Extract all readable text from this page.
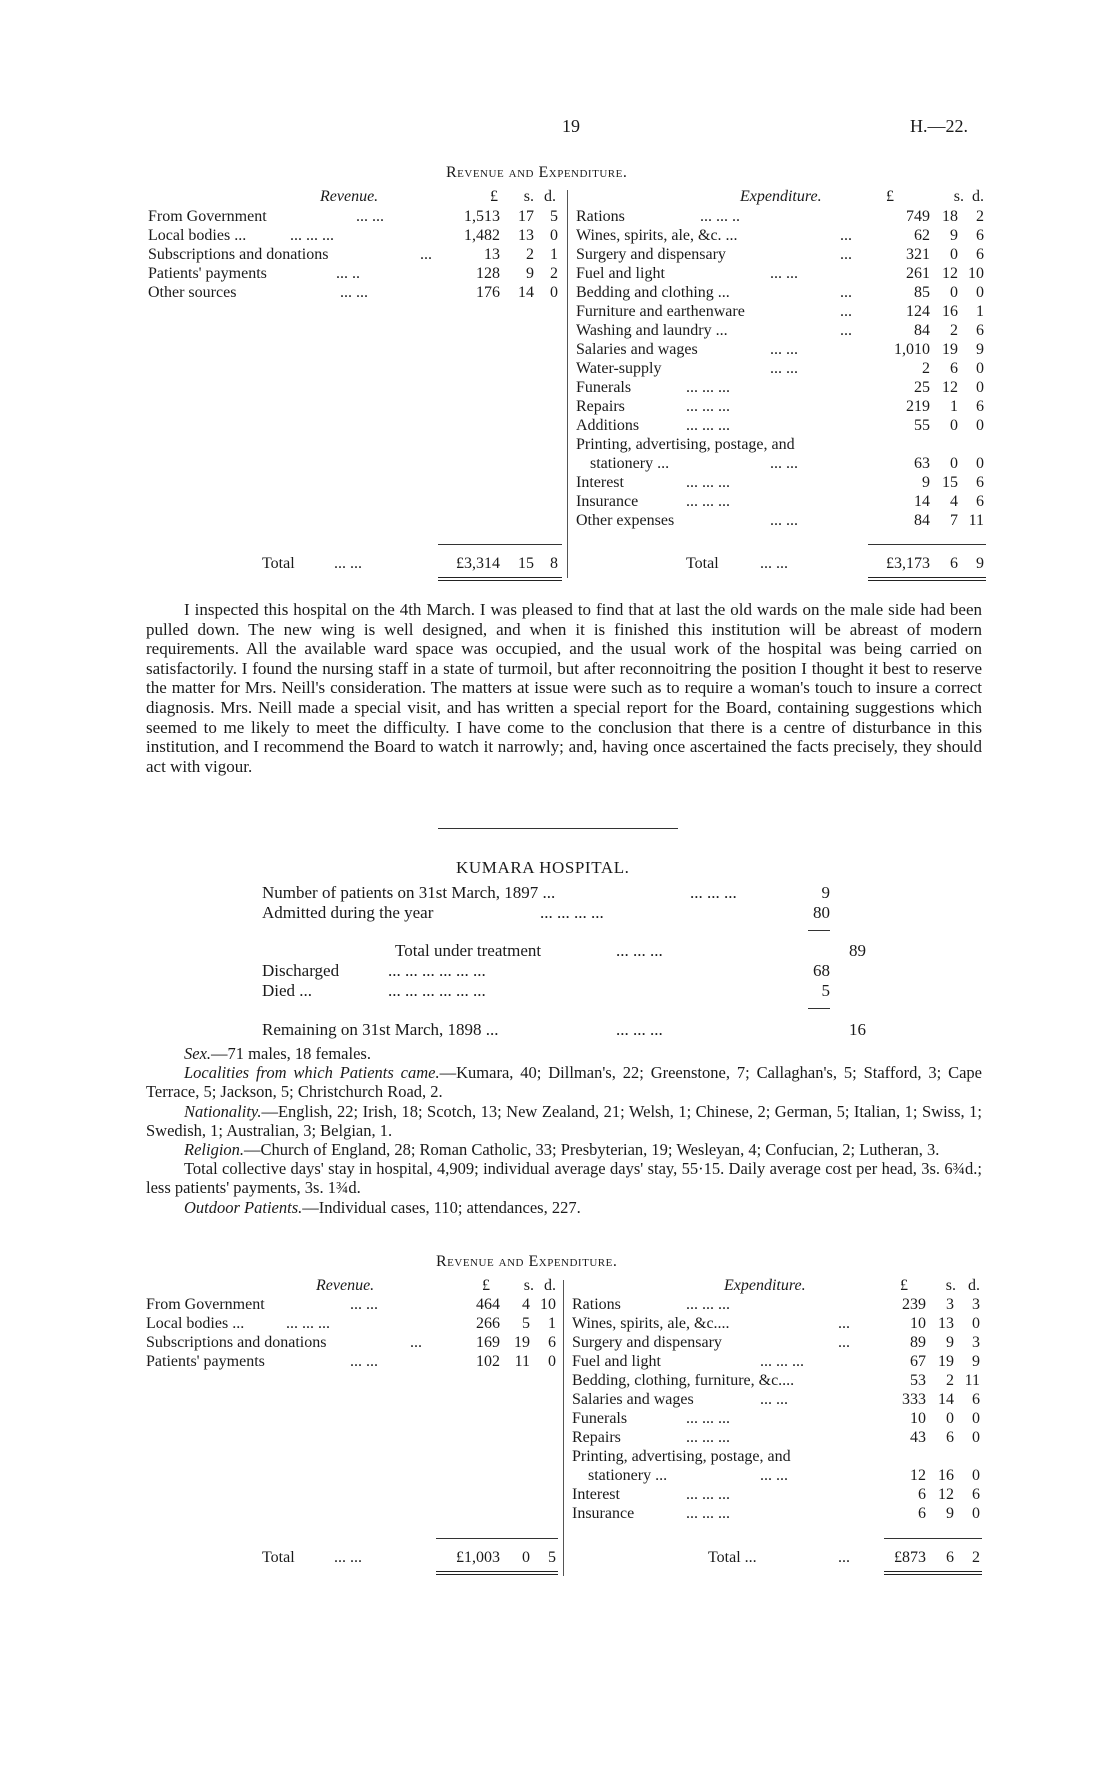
19	H.—22.
Revenue and Expenditure.
Revenue.	£	s. d.	Expenditure.	£	s. d.
From Government	... ...	1,513	17	5
Local bodies ...	... ... ...	1,482	13	0
Subscriptions and donations	...	13	2	1
Patients' payments	... ..	128	9	2
Other sources	... ...	176	14	0
Rations	... ... ..	749 18	2
Wines, spirits, ale, &c. ...	...	62	9	6
Surgery and dispensary	...	321	0	6
Fuel and light	... ...	261 12 10
Bedding and clothing ...	...	85	0	0
Furniture and earthenware	...	124 16	1
Washing and laundry ...	...	84	2	6
Salaries and wages	... ...	1,010 19	9
Water-supply	... ...	2	6	0
Funerals	... ... ...	25 12	0
Repairs	... ... ...	219	1	6
Additions	... ... ...	55	0	0
Printing, advertising, postage, and
stationery ...	... ...	63	0	0
Interest	... ... ...	9 15	6
Insurance	... ... ...	14	4	6
Other expenses	... ...	84	7 11
Total ... ...	£3,314	15	8	Total	... ...	£3,173	6	9

I inspected this hospital on the 4th March. I was pleased to find that at last the old wards on the male side had been pulled down. The new wing is well designed, and when it is finished this institution will be abreast of modern requirements. All the available ward space was occupied, and the usual work of the hospital was being carried on satisfactorily. I found the nursing staff in a state of turmoil, but after reconnoitring the position I thought it best to reserve the matter for Mrs. Neill's consideration. The matters at issue were such as to require a woman's touch to insure a correct diagnosis. Mrs. Neill made a special visit, and has written a special report for the Board, containing suggestions which seemed to me likely to meet the difficulty. I have come to the conclusion that there is a centre of disturbance in this institution, and I recommend the Board to watch it narrowly; and, having once ascertained the facts precisely, they should act with vigour.

KUMARA HOSPITAL.
Number of patients on 31st March, 1897 ...	... ... ...	9
Admitted during the year	... ... ... ...	80
Total under treatment	... ... ...	89
Discharged	... ... ... ... ... ...	68
Died ...	... ... ... ... ... ...	5
Remaining on 31st March, 1898 ...	... ... ...	16

Sex.—71 males, 18 females.

Localities from which Patients came.—Kumara, 40; Dillman's, 22; Greenstone, 7; Callaghan's, 5; Stafford, 3; Cape Terrace, 5; Jackson, 5; Christchurch Road, 2.

Nationality.—English, 22; Irish, 18; Scotch, 13; New Zealand, 21; Welsh, 1; Chinese, 2; German, 5; Italian, 1; Swiss, 1; Swedish, 1; Australian, 3; Belgian, 1.

Religion.—Church of England, 28; Roman Catholic, 33; Presbyterian, 19; Wesleyan, 4; Confucian, 2; Lutheran, 3.

Total collective days' stay in hospital, 4,909; individual average days' stay, 55·15. Daily average cost per head, 3s. 6¾d.; less patients' payments, 3s. 1¾d.

Outdoor Patients.—Individual cases, 110; attendances, 227.

Revenue and Expenditure.
Revenue.	£	s. d.	Expenditure.	£	s. d.
From Government	... ...	464	4 10
Local bodies ...	... ... ...	266	5	1
Subscriptions and donations	...	169 19	6
Patients' payments	... ...	102 11	0
Rations	... ... ...	239	3	3
Wines, spirits, ale, &c....	...	10 13	0
Surgery and dispensary	...	89	9	3
Fuel and light	... ... ...	67 19	9
Bedding, clothing, furniture, &c....	53	2 11
Salaries and wages	... ...	333 14	6
Funerals	... ... ...	10	0	0
Repairs	... ... ...	43	6	0
Printing, advertising, postage, and
stationery ...	... ...	12 16	0
Interest	... ... ...	6 12	6
Insurance	... ... ...	6	9	0
Total ... ...	£1,003	0	5	Total ...	...	£873	6	2
